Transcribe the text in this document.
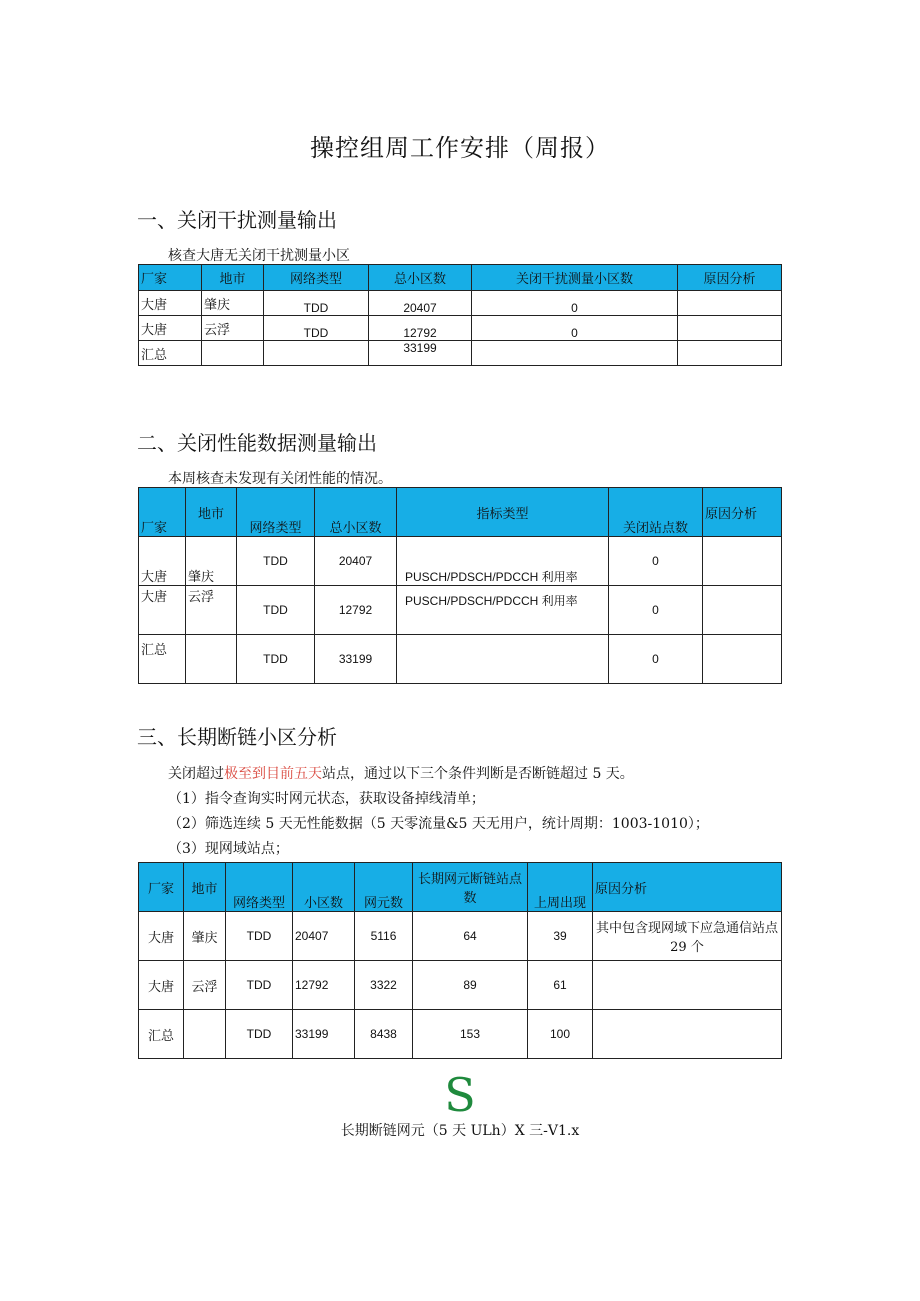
操控组周工作安排（周报）
一、关闭干扰测量输出
核查大唐无关闭干扰测量小区
厂家	地市	网络类型	总小区数	关闭干扰测量小区数	原因分析
大唐	肇庆	TDD	20407	0	
大唐	云浮	TDD	12792	0	
汇总			33199		
二、关闭性能数据测量输出
本周核查未发现有关闭性能的情况。
厂家	地市	网络类型	总小区数	指标类型	关闭站点数	原因分析
大唐	肇庆	TDD	20407	PUSCH/PDSCH/PDCCH 利用率	0	
大唐	云浮	TDD	12792	PUSCH/PDSCH/PDCCH 利用率	0	
汇总		TDD	33199		0	
三、长期断链小区分析
关闭超过极至到目前五天站点，通过以下三个条件判断是否断链超过 5 天。
（1）指令查询实时网元状态，获取设备掉线清单；
（2）筛选连续 5 天无性能数据（5 天零流量&5 天无用户，统计周期：1003-1010）；
（3）现网域站点；
厂家	地市	网络类型	小区数	网元数	长期网元断链站点数	上周出现	原因分析
大唐	肇庆	TDD	20407	5116	64	39	其中包含现网域下应急通信站点 29 个
大唐	云浮	TDD	12792	3322	89	61	
汇总		TDD	33199	8438	153	100	
S
长期断链网元（5 天 ULh）X 三-V1.x
